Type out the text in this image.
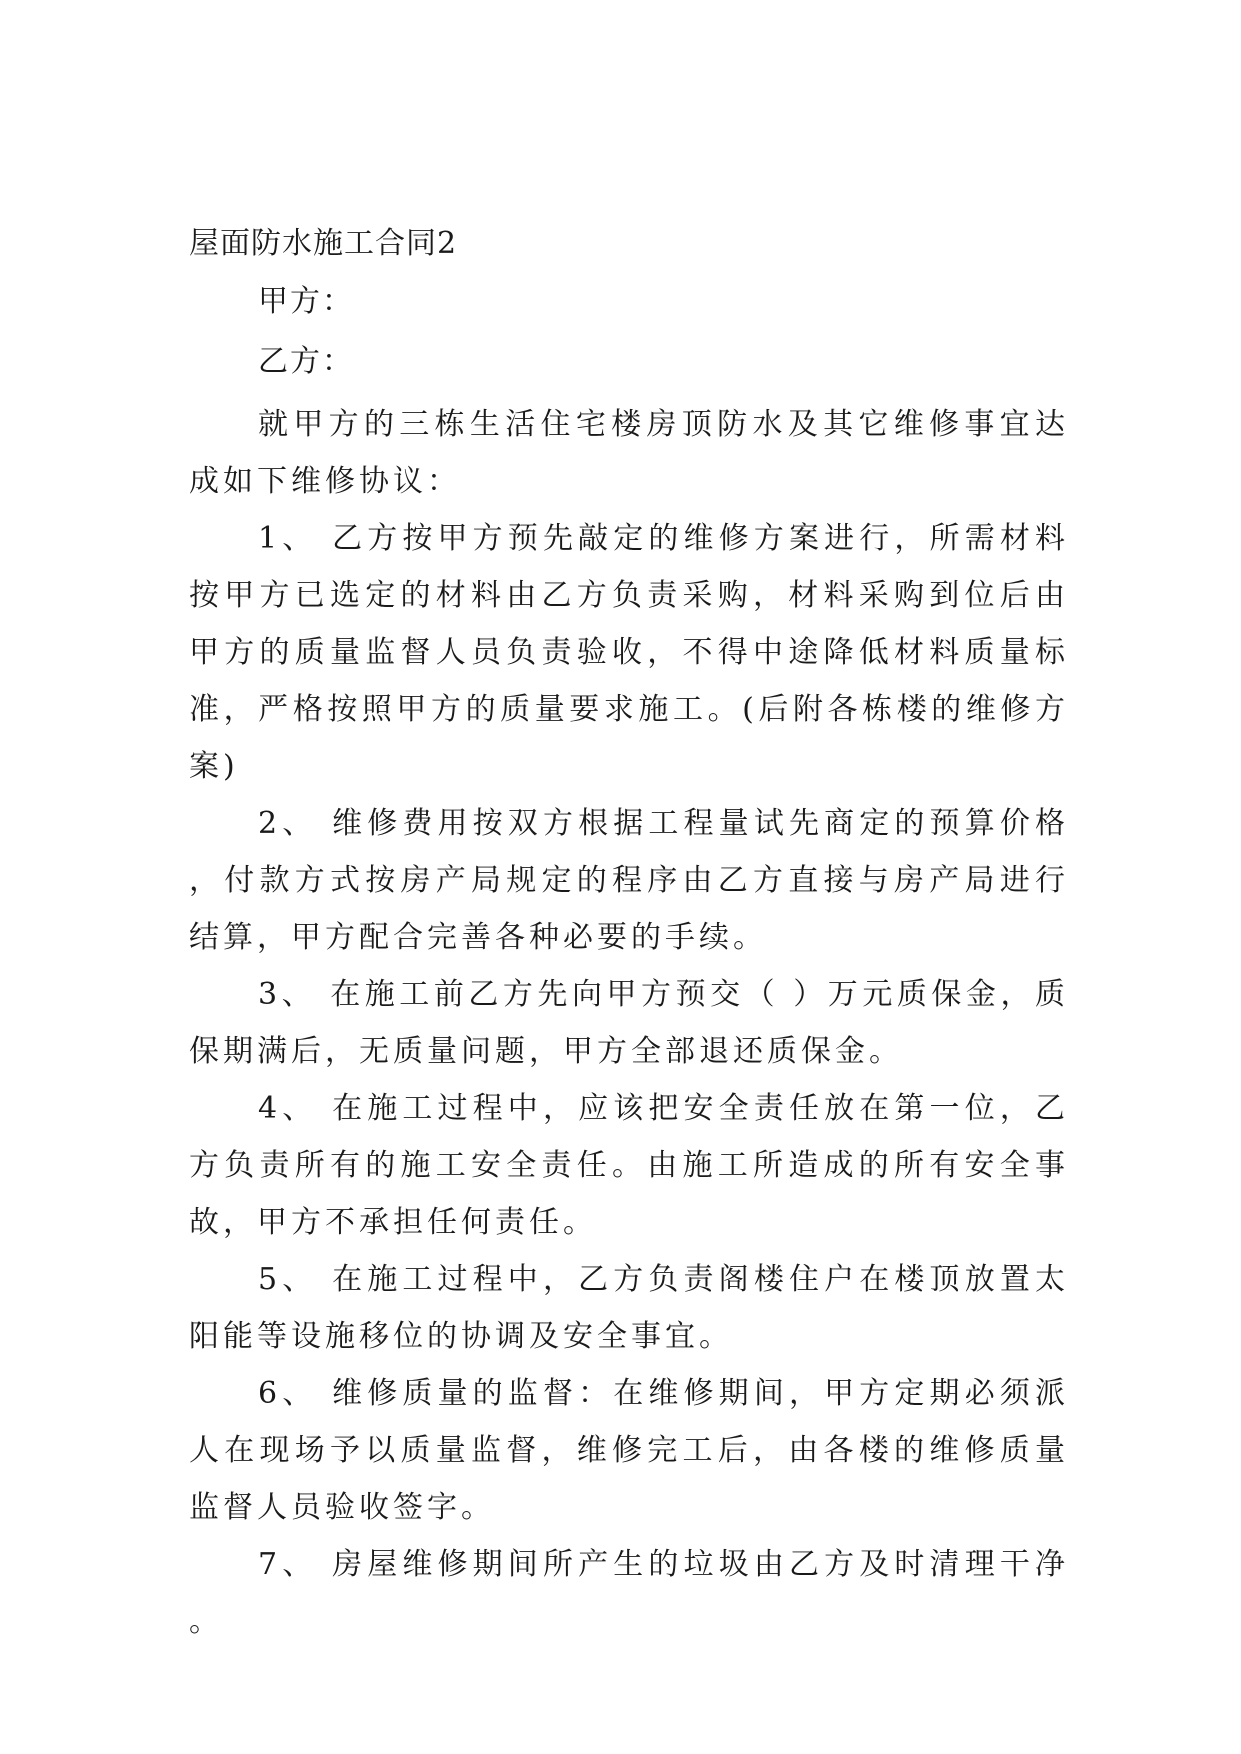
屋面防水施工合同2

甲方：

乙方：

就甲方的三栋生活住宅楼房顶防水及其它维修事宜达成如下维修协议：

1、 乙方按甲方预先敲定的维修方案进行，所需材料按甲方已选定的材料由乙方负责采购，材料采购到位后由甲方的质量监督人员负责验收，不得中途降低材料质量标准，严格按照甲方的质量要求施工。(后附各栋楼的维修方案)

2、 维修费用按双方根据工程量试先商定的预算价格，付款方式按房产局规定的程序由乙方直接与房产局进行结算，甲方配合完善各种必要的手续。

3、 在施工前乙方先向甲方预交（ ）万元质保金，质保期满后，无质量问题，甲方全部退还质保金。

4、 在施工过程中，应该把安全责任放在第一位，乙方负责所有的施工安全责任。由施工所造成的所有安全事故，甲方不承担任何责任。

5、 在施工过程中，乙方负责阁楼住户在楼顶放置太阳能等设施移位的协调及安全事宜。

6、 维修质量的监督：在维修期间，甲方定期必须派人在现场予以质量监督，维修完工后，由各楼的维修质量监督人员验收签字。

7、 房屋维修期间所产生的垃圾由乙方及时清理干净。
